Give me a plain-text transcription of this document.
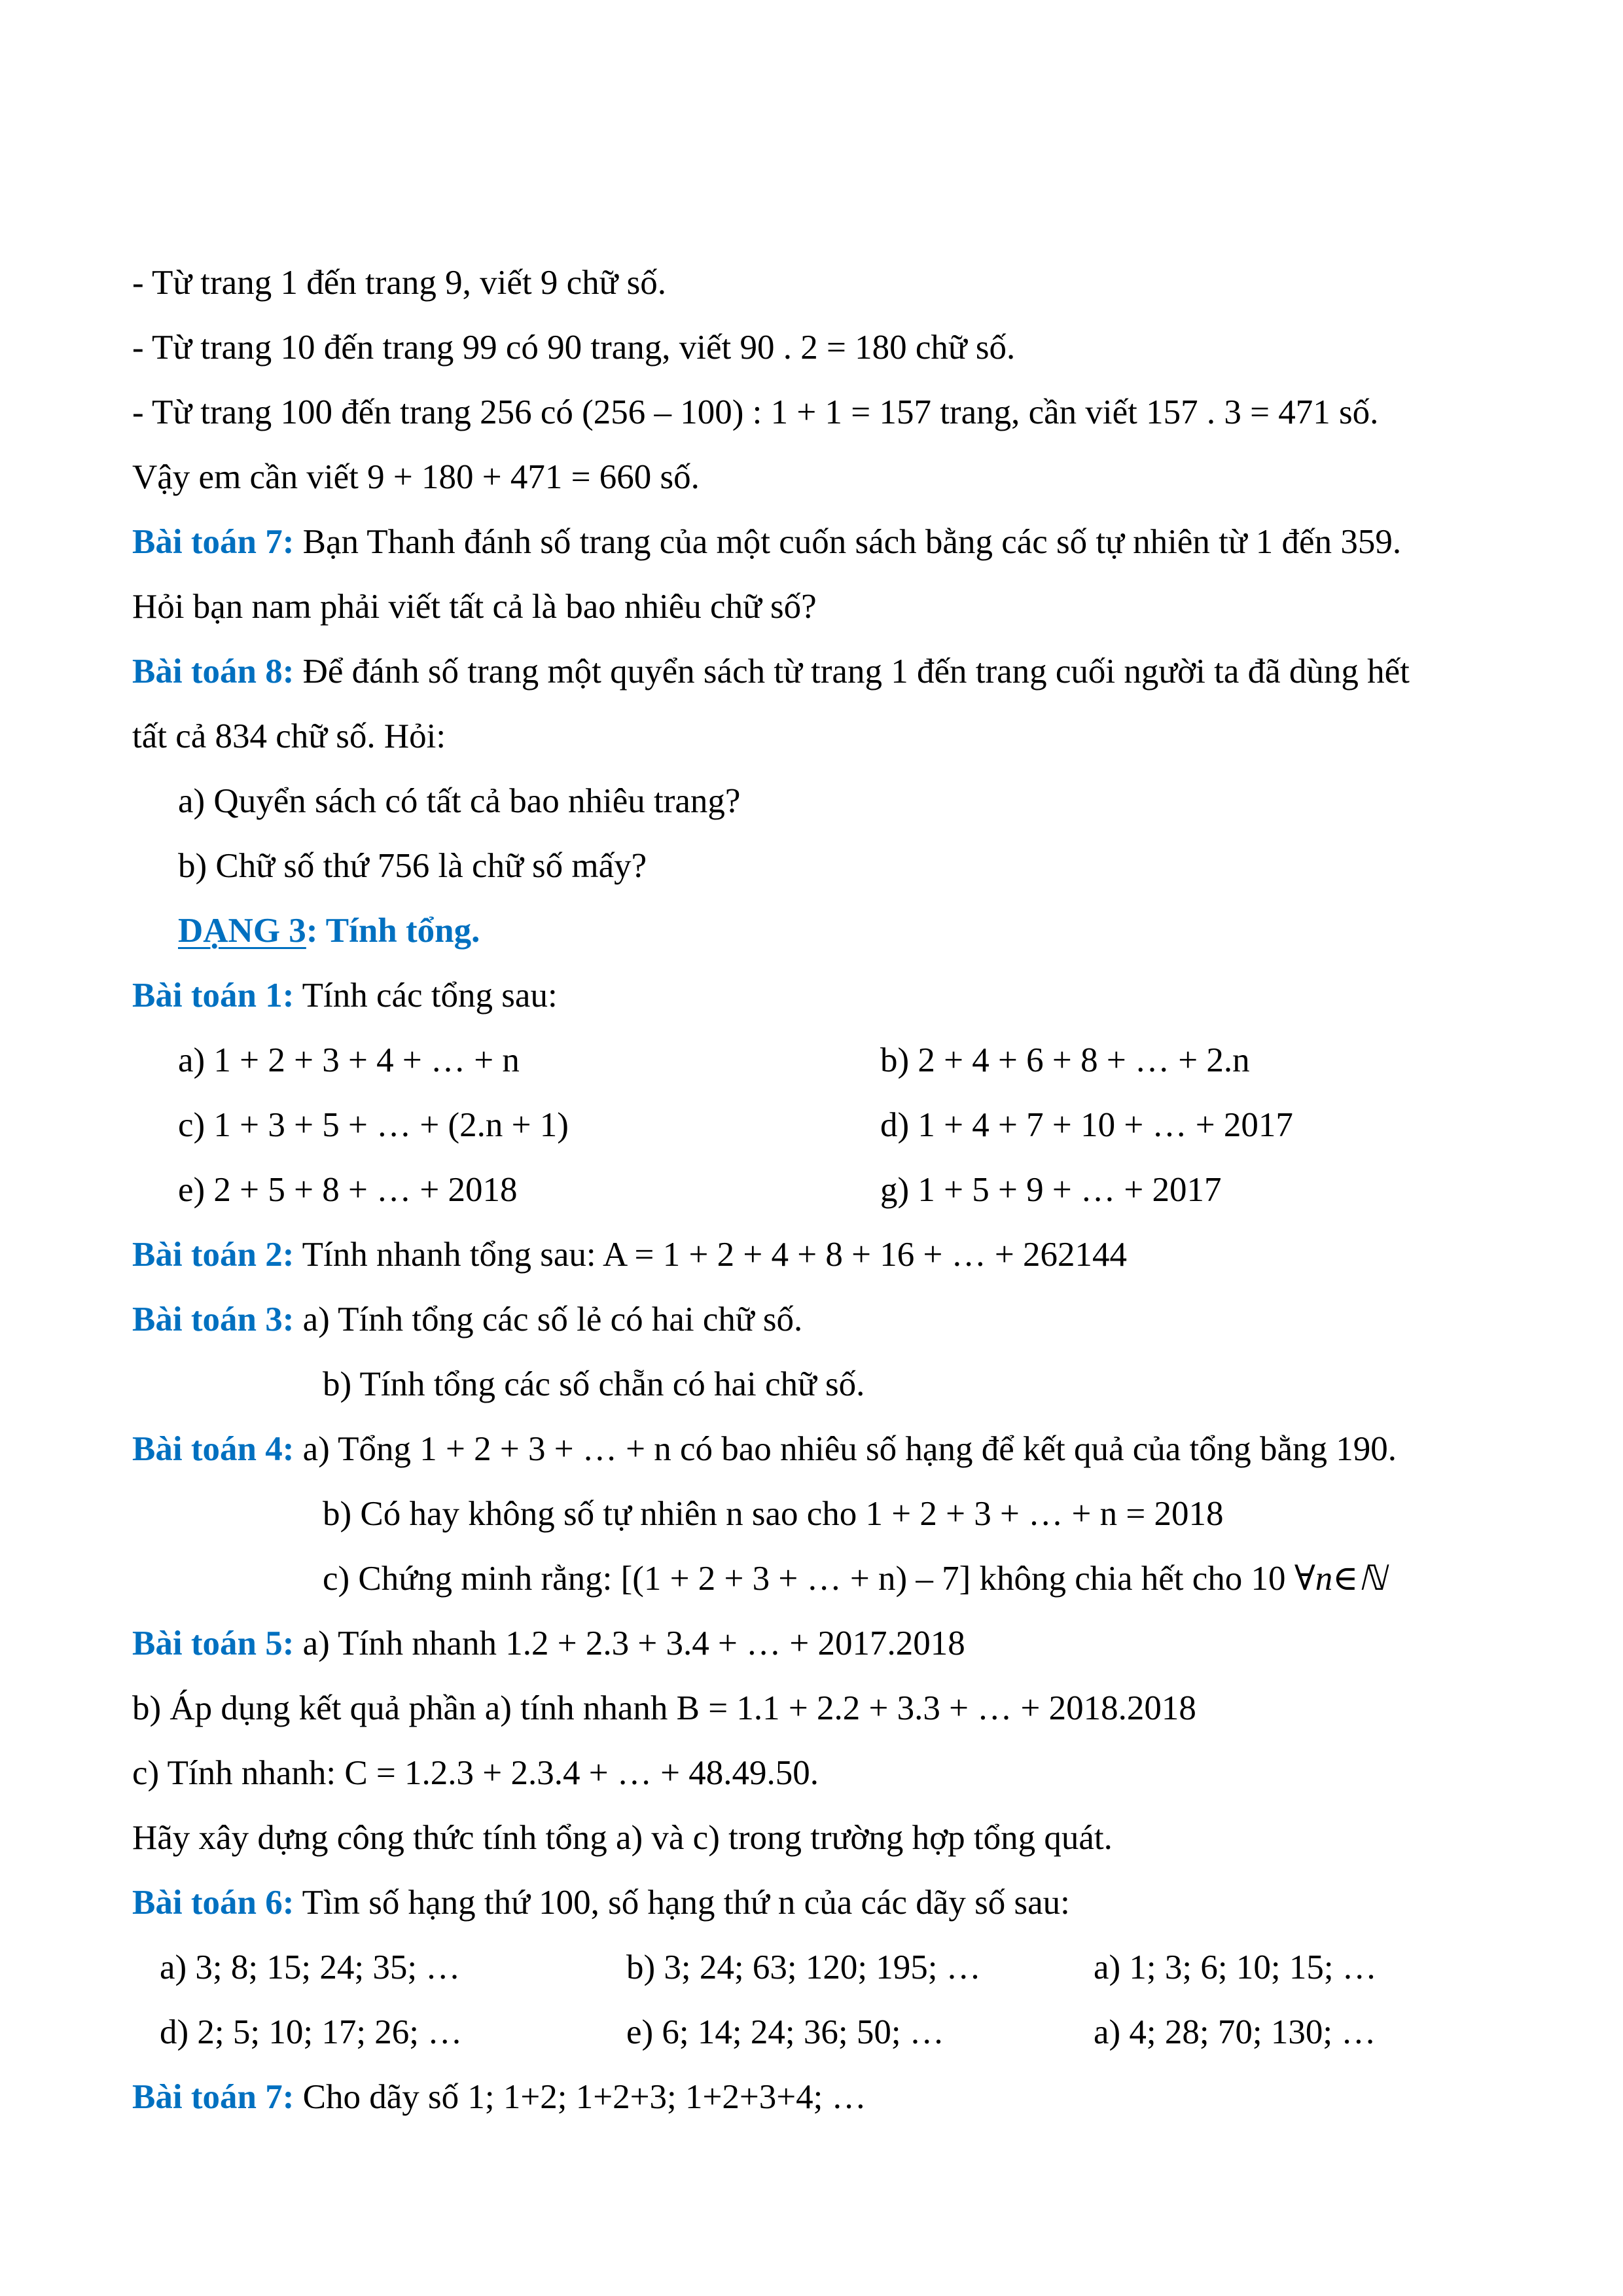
- Từ trang 1 đến trang 9, viết 9 chữ số.
- Từ trang 10 đến trang 99 có 90 trang, viết 90 . 2 = 180 chữ số.
- Từ trang 100 đến trang 256 có (256 – 100) : 1 + 1 = 157 trang, cần viết 157 . 3 = 471 số.
Vậy em cần viết 9 + 180 + 471 = 660 số.
Bài toán 7: Bạn Thanh đánh số trang của một cuốn sách bằng các số tự nhiên từ 1 đến 359.
Hỏi bạn nam phải viết tất cả là bao nhiêu chữ số?
Bài toán 8: Để đánh số trang một quyển sách từ trang 1 đến trang cuối người ta đã dùng hết
tất cả 834 chữ số. Hỏi:
a) Quyển sách có tất cả bao nhiêu trang?
b) Chữ số thứ 756 là chữ số mấy?
DẠNG 3: Tính tổng.
Bài toán 1: Tính các tổng sau:
a) 1 + 2 + 3 + 4 + … + n	b) 2 + 4 + 6 + 8 + … + 2.n
c) 1 + 3 + 5 + … + (2.n + 1)	d) 1 + 4 + 7 + 10 + … + 2017
e) 2 + 5 + 8 + … + 2018	g) 1 + 5 + 9 + … + 2017
Bài toán 2: Tính nhanh tổng sau: A = 1 + 2 + 4 + 8 + 16 + … + 262144
Bài toán 3: a) Tính tổng các số lẻ có hai chữ số.
b) Tính tổng các số chẵn có hai chữ số.
Bài toán 4: a) Tổng 1 + 2 + 3 + … + n có bao nhiêu số hạng để kết quả của tổng bằng 190.
b) Có hay không số tự nhiên n sao cho 1 + 2 + 3 + … + n = 2018
c) Chứng minh rằng: [(1 + 2 + 3 + … + n) – 7] không chia hết cho 10 ∀n∈ℕ
Bài toán 5: a) Tính nhanh 1.2 + 2.3 + 3.4 + … + 2017.2018
b) Áp dụng kết quả phần a) tính nhanh B = 1.1 + 2.2 + 3.3 + … + 2018.2018
c) Tính nhanh: C = 1.2.3 + 2.3.4 + … + 48.49.50.
Hãy xây dựng công thức tính tổng a) và c) trong trường hợp tổng quát.
Bài toán 6: Tìm số hạng thứ 100, số hạng thứ n của các dãy số sau:
a) 3; 8; 15; 24; 35; …	b) 3; 24; 63; 120; 195; …	a) 1; 3; 6; 10; 15; …
d) 2; 5; 10; 17; 26; …	e) 6; 14; 24; 36; 50; …	a) 4; 28; 70; 130; …
Bài toán 7: Cho dãy số 1; 1+2; 1+2+3; 1+2+3+4; …
